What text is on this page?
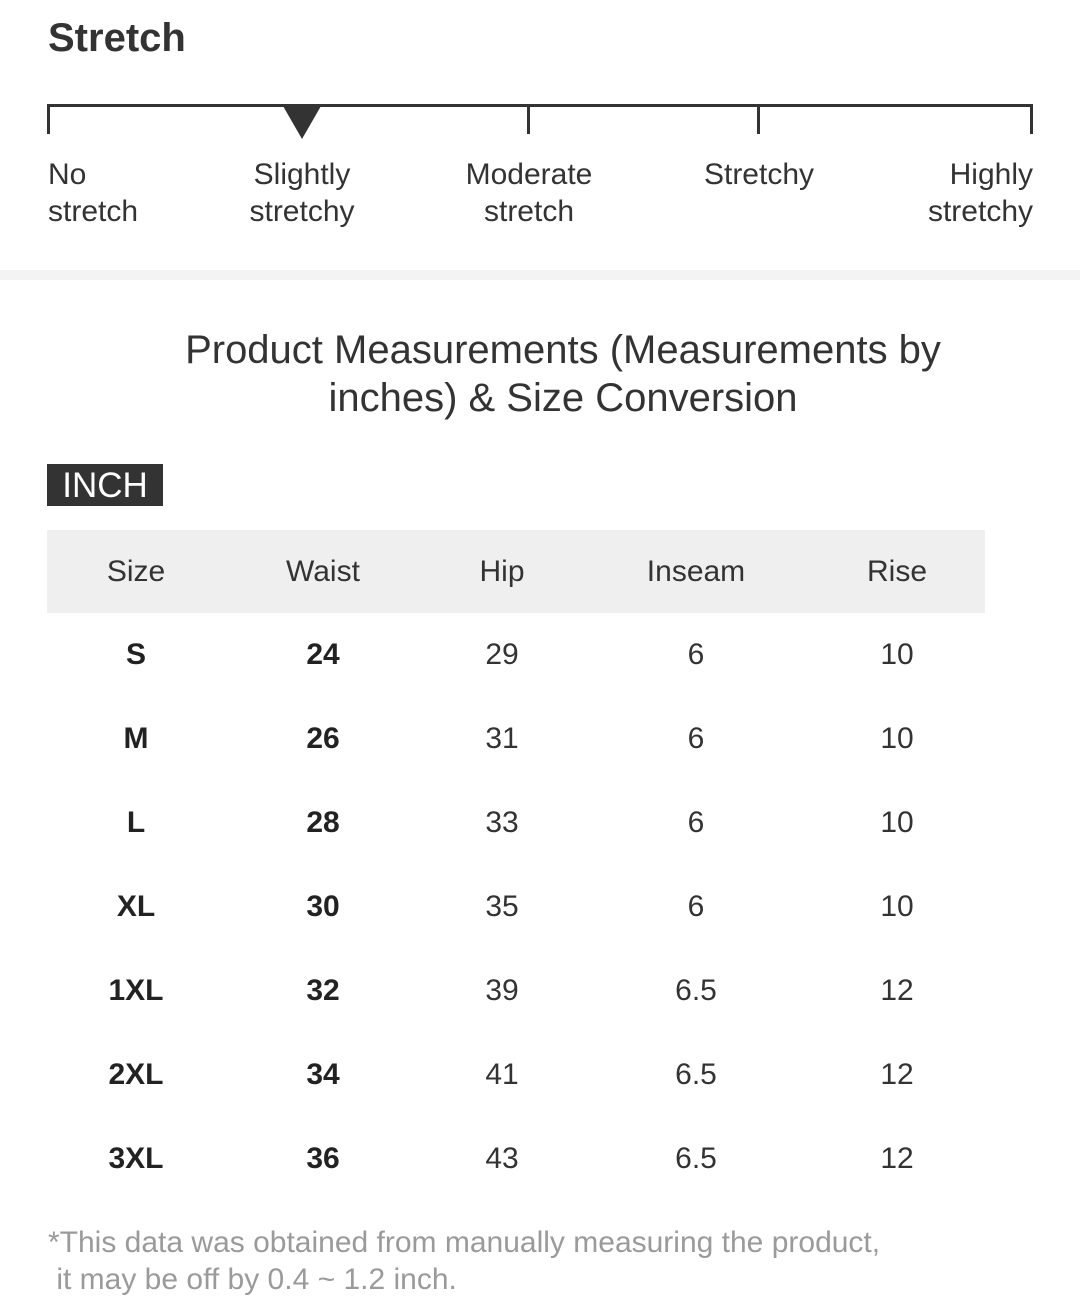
Stretch
No
stretch
Slightly
stretchy
Moderate
stretch
Stretchy	Highly
stretchy
Product Measurements (Measurements by
inches) & Size Conversion
INCH
Size	Waist	Hip	Inseam	Rise
S	24	29	6	10
M	26	31	6	10
L	28	33	6	10
XL	30	35	6	10
1XL	32	39	6.5	12
2XL	34	41	6.5	12
3XL	36	43	6.5	12

*This data was obtained from manually measuring the product,
it may be off by 0.4 ~ 1.2 inch.
